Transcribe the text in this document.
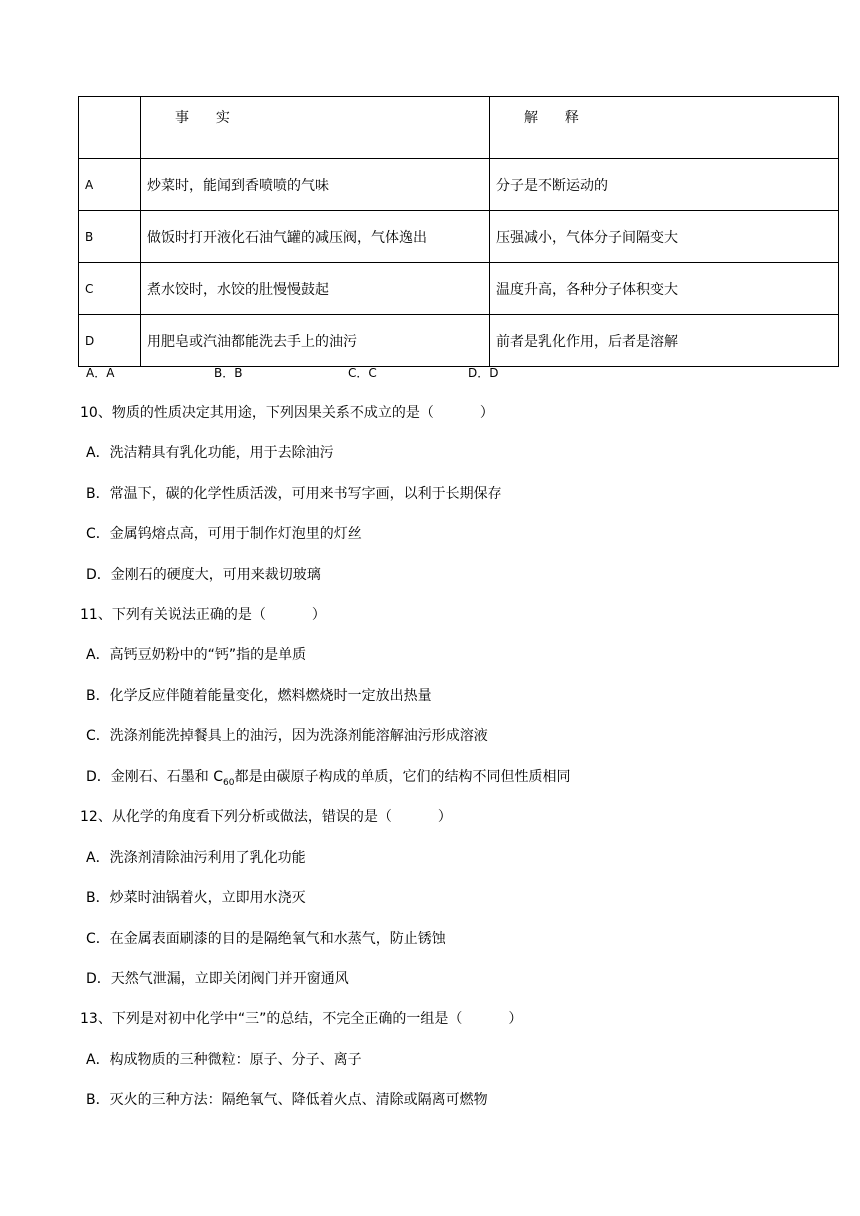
	事 实	解 释
A	炒菜时，能闻到香喷喷的气味	分子是不断运动的
B	做饭时打开液化石油气罐的减压阀，气体逸出	压强减小，气体分子间隔变大
C	煮水饺时，水饺的肚慢慢鼓起	温度升高，各种分子体积变大
D	用肥皂或汽油都能洗去手上的油污	前者是乳化作用，后者是溶解
A．A	B．B	C．C	D．D
10、物质的性质决定其用途，下列因果关系不成立的是（	）
A．洗洁精具有乳化功能，用于去除油污
B．常温下，碳的化学性质活泼，可用来书写字画，以利于长期保存
C．金属钨熔点高，可用于制作灯泡里的灯丝
D．金刚石的硬度大，可用来裁切玻璃
11、下列有关说法正确的是（	）
A．高钙豆奶粉中的“钙”指的是单质
B．化学反应伴随着能量变化，燃料燃烧时一定放出热量
C．洗涤剂能洗掉餐具上的油污，因为洗涤剂能溶解油污形成溶液
D．金刚石、石墨和 $C_{60}$都是由碳原子构成的单质，它们的结构不同但性质相同
12、从化学的角度看下列分析或做法，错误的是（	）
A．洗涤剂清除油污利用了乳化功能
B．炒菜时油锅着火，立即用水浇灭
C．在金属表面刷漆的目的是隔绝氧气和水蒸气，防止锈蚀
D．天然气泄漏，立即关闭阀门并开窗通风
13、下列是对初中化学中“三”的总结，不完全正确的一组是（	）
A．构成物质的三种微粒：原子、分子、离子
B．灭火的三种方法：隔绝氧气、降低着火点、清除或隔离可燃物
